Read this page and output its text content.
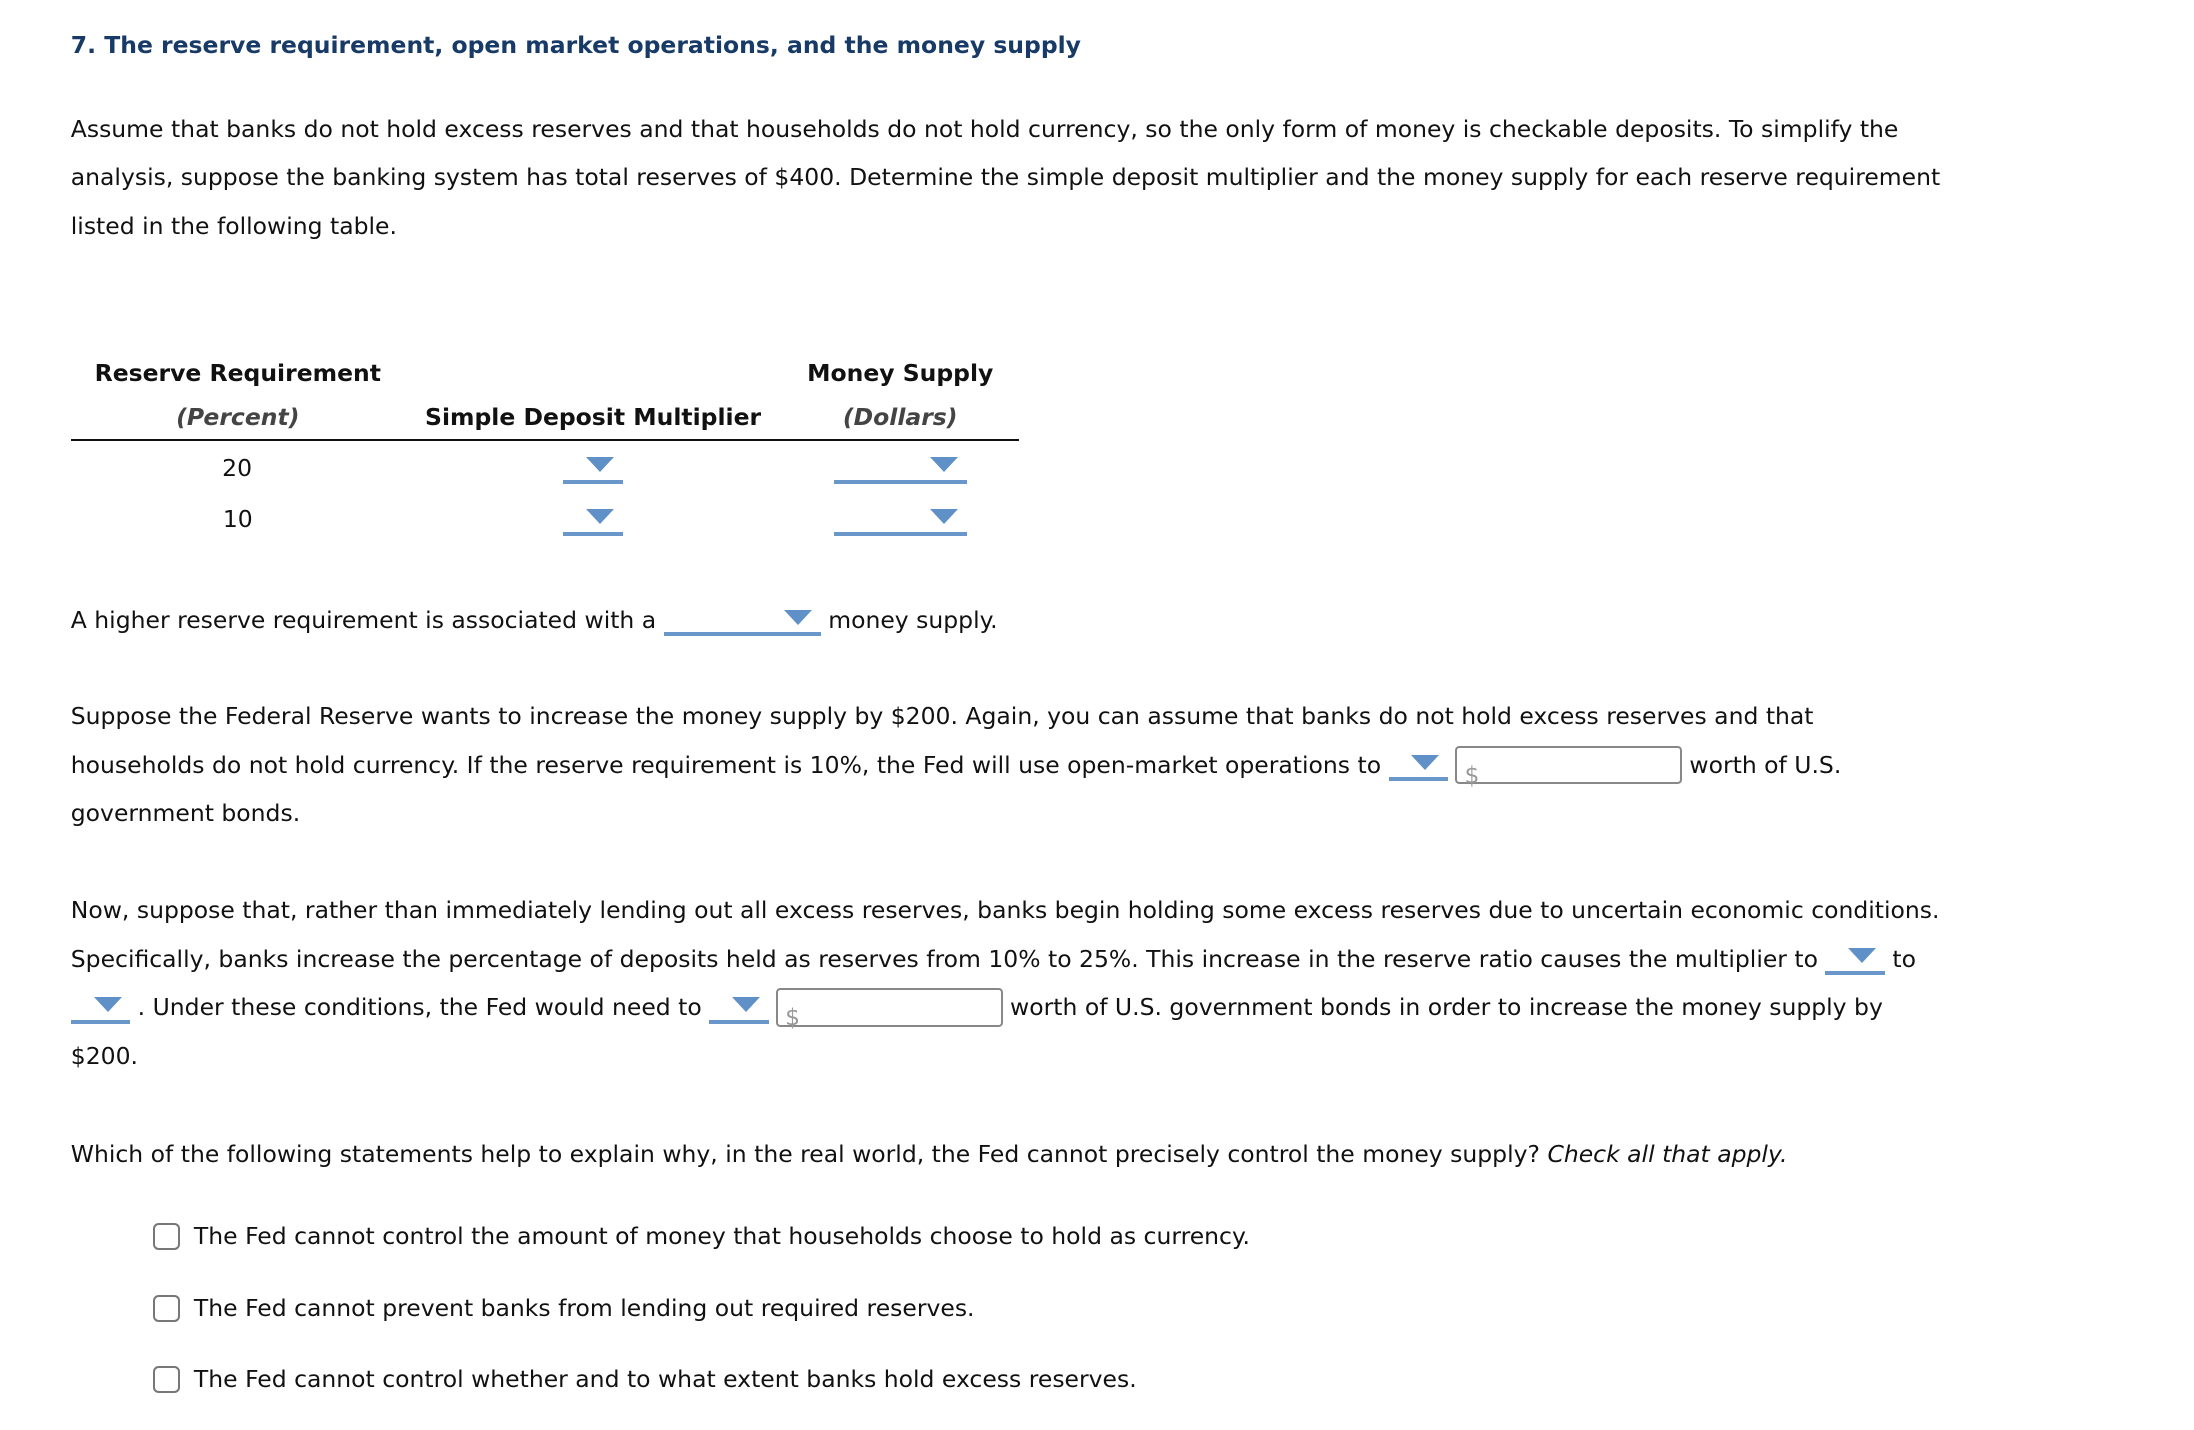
7. The reserve requirement, open market operations, and the money supply
Assume that banks do not hold excess reserves and that households do not hold currency, so the only form of money is checkable deposits. To simplify the analysis, suppose the banking system has total reserves of $400. Determine the simple deposit multiplier and the money supply for each reserve requirement listed in the following table.
Reserve Requirement		Money Supply
(Percent)	Simple Deposit Multiplier	(Dollars)
20	

10	

A higher reserve requirement is associated with a	money supply.
Suppose the Federal Reserve wants to increase the money supply by $200. Again, you can assume that banks do not hold excess reserves and that households do not hold currency. If the reserve requirement is 10%, the Fed will use open-market operations to
	$	worth of U.S. government bonds.
Now, suppose that, rather than immediately lending out all excess reserves, banks begin holding some excess reserves due to uncertain economic conditions. Specifically, banks increase the percentage of deposits held as reserves from 10% to 25%. This increase in the reserve ratio causes the multiplier to	to
. Under these conditions, the Fed would need to
	$	worth of U.S. government bonds in order to increase the money supply by $200.
Which of the following statements help to explain why, in the real world, the Fed cannot precisely control the money supply? Check all that apply.
The Fed cannot control the amount of money that households choose to hold as currency.
The Fed cannot prevent banks from lending out required reserves.
The Fed cannot control whether and to what extent banks hold excess reserves.
